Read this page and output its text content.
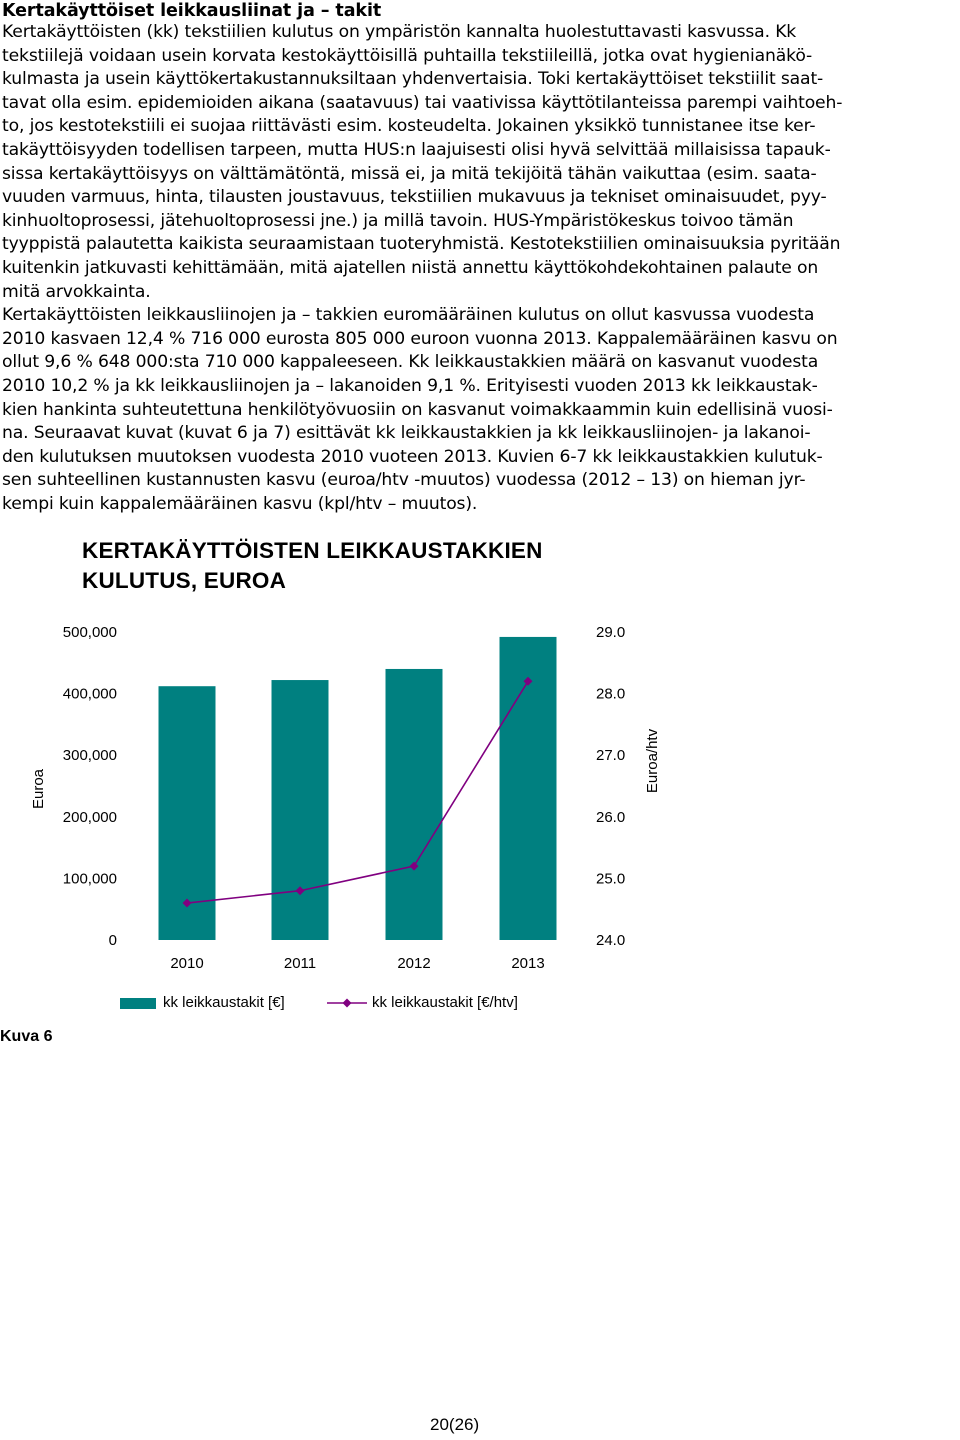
Kertakäyttöiset leikkausliinat ja – takit
Kertakäyttöisten (kk) tekstiilien kulutus on ympäristön kannalta huolestuttavasti kasvussa. Kk
tekstiilejä voidaan usein korvata kestokäyttöisillä puhtailla tekstiileillä, jotka ovat hygienianäkö-
kulmasta ja usein käyttökertakustannuksiltaan yhdenvertaisia. Toki kertakäyttöiset tekstiilit saat-
tavat olla esim. epidemioiden aikana (saatavuus) tai vaativissa käyttötilanteissa parempi vaihtoeh-
to, jos kestotekstiili ei suojaa riittävästi esim. kosteudelta. Jokainen yksikkö tunnistanee itse ker-
takäyttöisyyden todellisen tarpeen, mutta HUS:n laajuisesti olisi hyvä selvittää millaisissa tapauk-
sissa kertakäyttöisyys on välttämätöntä, missä ei, ja mitä tekijöitä tähän vaikuttaa (esim. saata-
vuuden varmuus, hinta, tilausten joustavuus, tekstiilien mukavuus ja tekniset ominaisuudet, pyy-
kinhuoltoprosessi, jätehuoltoprosessi jne.) ja millä tavoin. HUS-Ympäristökeskus toivoo tämän
tyyppistä palautetta kaikista seuraamistaan tuoteryhmistä. Kestotekstiilien ominaisuuksia pyritään
kuitenkin jatkuvasti kehittämään, mitä ajatellen niistä annettu käyttökohdekohtainen palaute on
mitä arvokkainta.
Kertakäyttöisten leikkausliinojen ja – takkien euromääräinen kulutus on ollut kasvussa vuodesta
2010 kasvaen 12,4 % 716 000 eurosta 805 000 euroon vuonna 2013. Kappalemääräinen kasvu on
ollut 9,6 % 648 000:sta 710 000 kappaleeseen. Kk leikkaustakkien määrä on kasvanut vuodesta
2010 10,2 % ja kk leikkausliinojen ja – lakanoiden 9,1 %. Erityisesti vuoden 2013 kk leikkaustak-
kien hankinta suhteutettuna henkilötyövuosiin on kasvanut voimakkaammin kuin edellisinä vuosi-
na. Seuraavat kuvat (kuvat 6 ja 7) esittävät kk leikkaustakkien ja kk leikkausliinojen- ja lakanoi-
den kulutuksen muutoksen vuodesta 2010 vuoteen 2013. Kuvien 6-7 kk leikkaustakkien kulutuk-
sen suhteellinen kustannusten kasvu (euroa/htv -muutos) vuodessa (2012 – 13) on hieman jyr-
kempi kuin kappalemääräinen kasvu (kpl/htv – muutos).
KERTAKÄYTTÖISTEN LEIKKAUSTAKKIEN
KULUTUS, EUROA
0
100,000
200,000
300,000
400,000
500,000
24.0
25.0
26.0
27.0
28.0
29.0
Euroa	Euroa/htv
2010	2011	2012	2013
kk leikkaustakit [€]	kk leikkaustakit [€/htv]
Kuva 6
20(26)
